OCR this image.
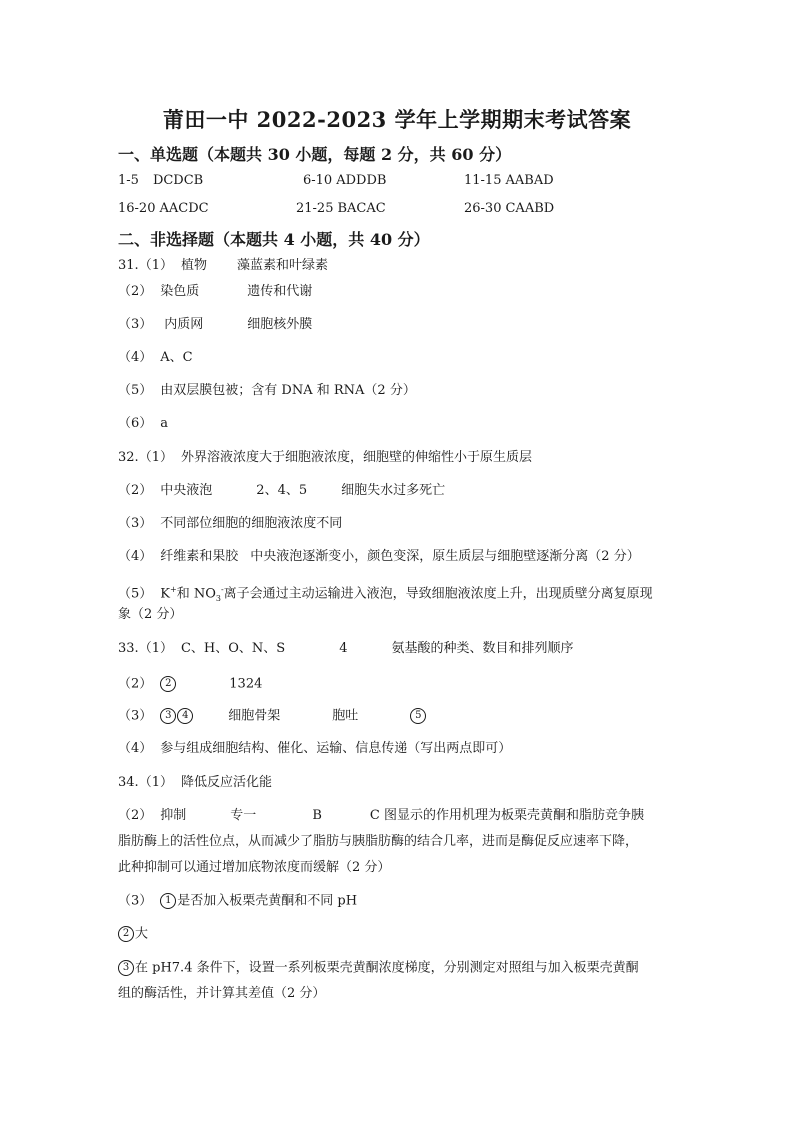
莆田一中 2022-2023 学年上学期期末考试答案
一、单选题（本题共 30 小题，每题 2 分，共 60 分）
1-5 DCDCB	6-10 ADDDB	11-15 AABAD
16-20 AACDC	21-25 BACAC	26-30 CAABD
二、非选择题（本题共 4 小题，共 40 分）
31.（1） 植物 藻蓝素和叶绿素
（2） 染色质	遗传和代谢
（3） 内质网	细胞核外膜
（4） A、C
（5） 由双层膜包被；含有 DNA 和 RNA（2 分）
（6） a
32.（1） 外界溶液浓度大于细胞液浓度，细胞壁的伸缩性小于原生质层
（2） 中央液泡	2、4、5	细胞失水过多死亡
（3） 不同部位细胞的细胞液浓度不同
（4） 纤维素和果胶 中央液泡逐渐变小，颜色变深，原生质层与细胞壁逐渐分离（2 分）
（5） K+和 $NO_3^-$离子会通过主动运输进入液泡，导致细胞液浓度上升，出现质壁分离复原现
象（2 分）
33.（1） C、H、O、N、S	4	氨基酸的种类、数目和排列顺序
（2） 2	1324
（3） 3 4	细胞骨架	胞吐	5
（4） 参与组成细胞结构、催化、运输、信息传递（写出两点即可）
34.（1） 降低反应活化能
（2） 抑制	专一	B	C 图显示的作用机理为板栗壳黄酮和脂肪竞争胰
脂肪酶上的活性位点，从而减少了脂肪与胰脂肪酶的结合几率，进而是酶促反应速率下降，
此种抑制可以通过增加底物浓度而缓解（2 分）
（3） 1 是否加入板栗壳黄酮和不同 pH
2 大
3 在 pH7.4 条件下，设置一系列板栗壳黄酮浓度梯度，分别测定对照组与加入板栗壳黄酮
组的酶活性，并计算其差值（2 分）
